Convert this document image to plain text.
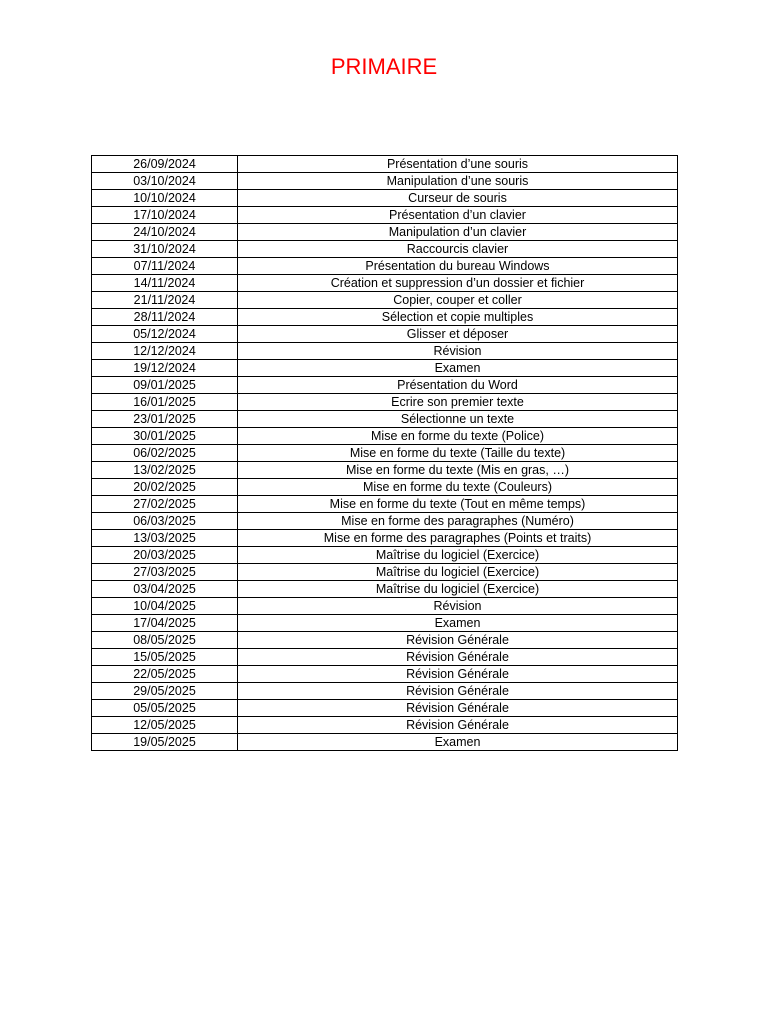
PRIMAIRE
26/09/2024	Présentation d’une souris
03/10/2024	Manipulation d’une souris
10/10/2024	Curseur de souris
17/10/2024	Présentation d’un clavier
24/10/2024	Manipulation d’un clavier
31/10/2024	Raccourcis clavier
07/11/2024	Présentation du bureau Windows
14/11/2024	Création et suppression d’un dossier et fichier
21/11/2024	Copier, couper et coller
28/11/2024	Sélection et copie multiples
05/12/2024	Glisser et déposer
12/12/2024	Révision
19/12/2024	Examen
09/01/2025	Présentation du Word
16/01/2025	Ecrire son premier texte
23/01/2025	Sélectionne un texte
30/01/2025	Mise en forme du texte (Police)
06/02/2025	Mise en forme du texte (Taille du texte)
13/02/2025	Mise en forme du texte (Mis en gras, …)
20/02/2025	Mise en forme du texte (Couleurs)
27/02/2025	Mise en forme du texte (Tout en même temps)
06/03/2025	Mise en forme des paragraphes (Numéro)
13/03/2025	Mise en forme des paragraphes (Points et traits)
20/03/2025	Maîtrise du logiciel (Exercice)
27/03/2025	Maîtrise du logiciel (Exercice)
03/04/2025	Maîtrise du logiciel (Exercice)
10/04/2025	Révision
17/04/2025	Examen
08/05/2025	Révision Générale
15/05/2025	Révision Générale
22/05/2025	Révision Générale
29/05/2025	Révision Générale
05/05/2025	Révision Générale
12/05/2025	Révision Générale
19/05/2025	Examen
